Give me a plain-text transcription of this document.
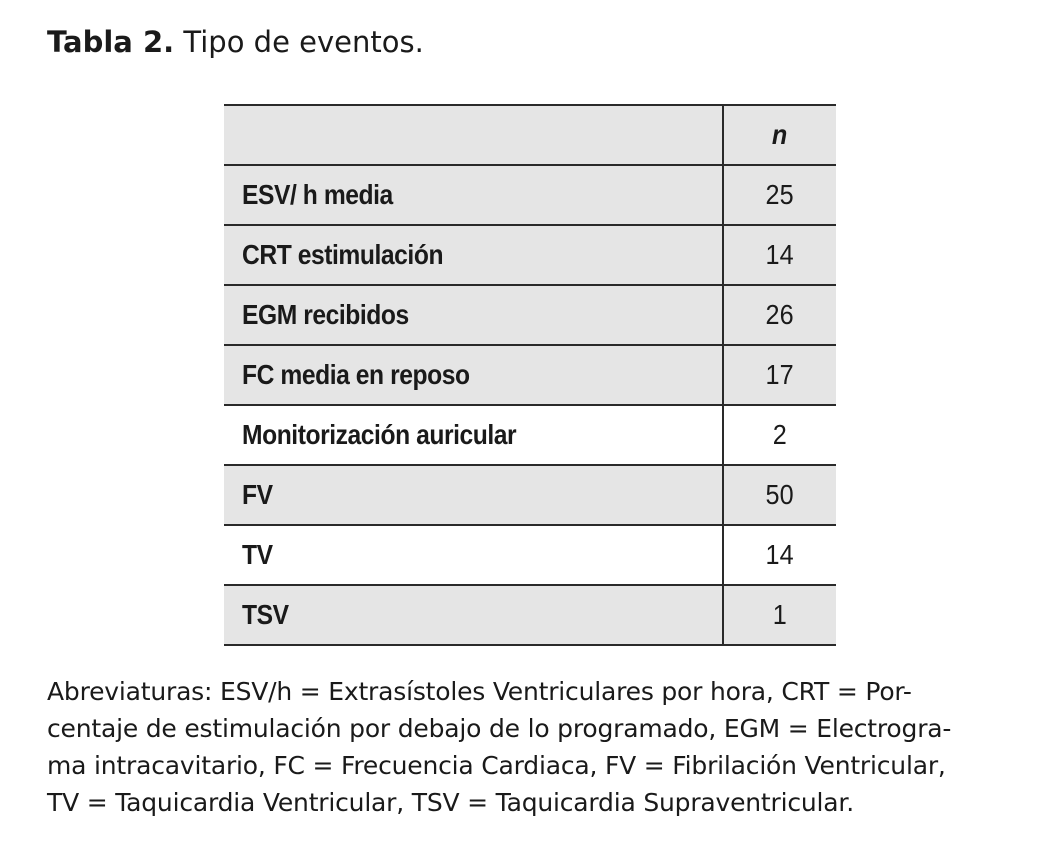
Tabla 2. Tipo de eventos.
	n
ESV/ h media	25
CRT estimulación	14
EGM recibidos	26
FC media en reposo	17
Monitorización auricular	2
FV	50
TV	14
TSV	1
Abreviaturas: ESV/h = Extrasístoles Ventriculares por hora, CRT = Por-
centaje de estimulación por debajo de lo programado, EGM = Electrogra-
ma intracavitario, FC = Frecuencia Cardiaca, FV = Fibrilación Ventricular,
TV = Taquicardia Ventricular, TSV = Taquicardia Supraventricular.
